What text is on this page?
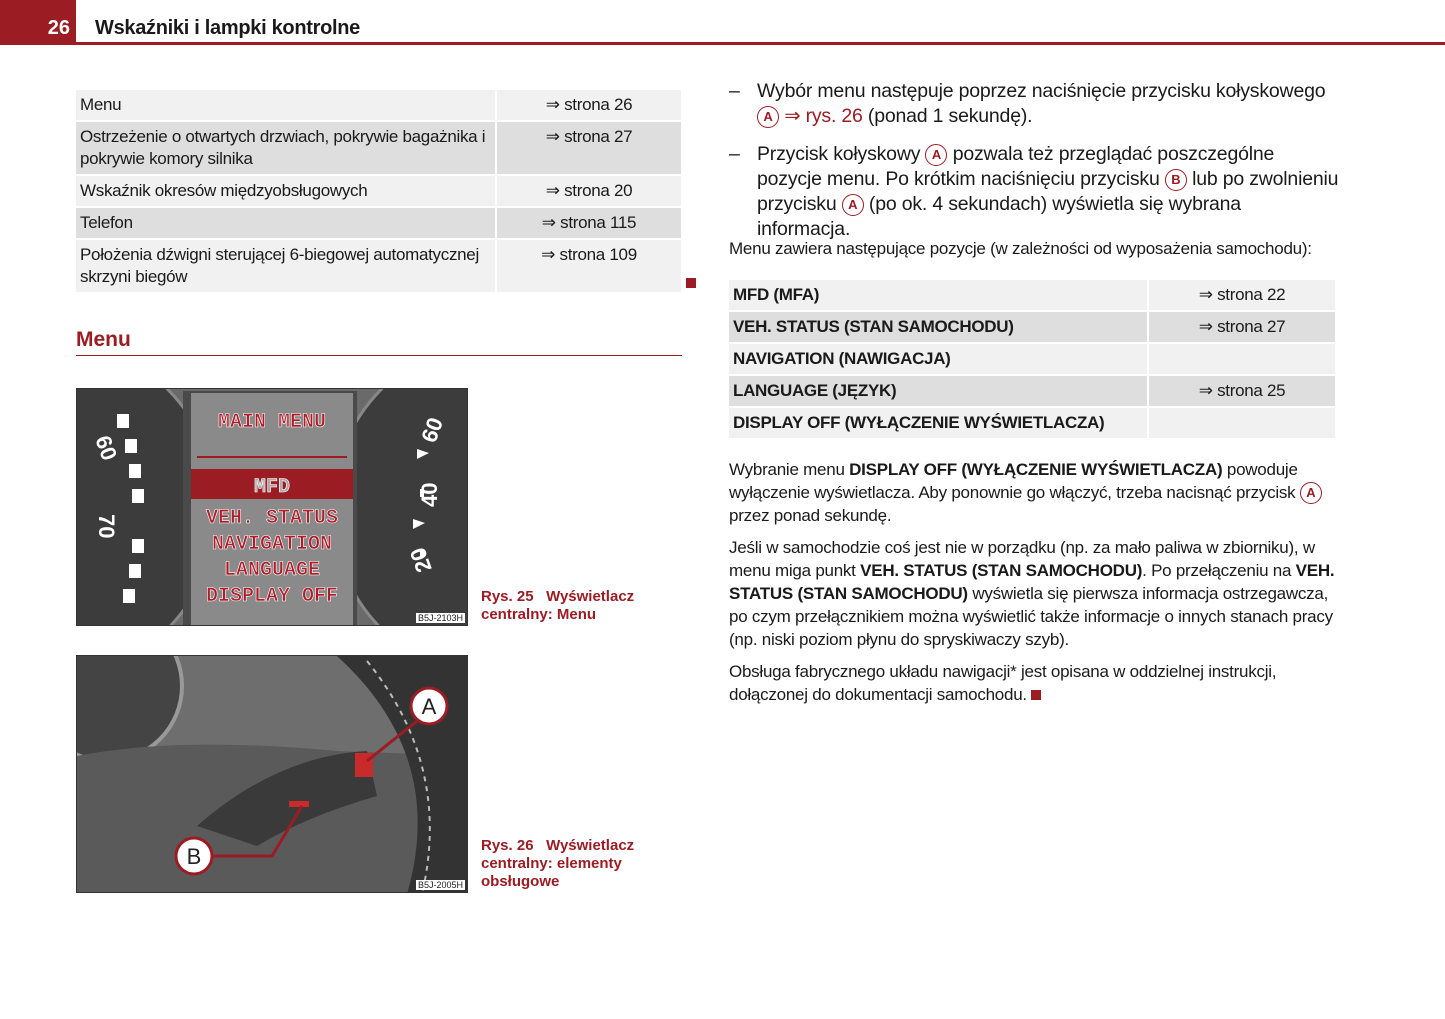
26 Wskaźniki i lampki kontrolne
Menu	⇒ strona 26
Ostrzeżenie o otwartych drzwiach, pokrywie bagażnika i pokrywie komory silnika	⇒ strona 27
Wskaźnik okresów międzyobsługowych	⇒ strona 20
Telefon	⇒ strona 115
Położenia dźwigni sterującej 6-biegowej automatycznej skrzyni biegów	⇒ strona 109
Menu
60
70
60
40
20
MAIN MENU
MFD
VEH. STATUS
NAVIGATION
LANGUAGE
DISPLAY OFF
B5J-2103H
Rys. 25 Wyświetlacz centralny: Menu
A
B
B5J-2005H
Rys. 26 Wyświetlacz centralny: elementy obsługowe
– Wybór menu następuje poprzez naciśnięcie przycisku kołyskowego A ⇒ rys. 26 (ponad 1 sekundę).
– Przycisk kołyskowy A pozwala też przeglądać poszczególne pozycje menu. Po krótkim naciśnięciu przycisku B lub po zwolnieniu przycisku A (po ok. 4 sekundach) wyświetla się wybrana informacja.
Menu zawiera następujące pozycje (w zależności od wyposażenia samochodu):
MFD (MFA)	⇒ strona 22
VEH. STATUS (STAN SAMOCHODU)	⇒ strona 27
NAVIGATION (NAWIGACJA)	
LANGUAGE (JĘZYK)	⇒ strona 25
DISPLAY OFF (WYŁĄCZENIE WYŚWIETLACZA)	
Wybranie menu DISPLAY OFF (WYŁĄCZENIE WYŚWIETLACZA) powoduje wyłączenie wyświetlacza. Aby ponownie go włączyć, trzeba nacisnąć przycisk A przez ponad sekundę.
Jeśli w samochodzie coś jest nie w porządku (np. za mało paliwa w zbiorniku), w menu miga punkt VEH. STATUS (STAN SAMOCHODU). Po przełączeniu na VEH. STATUS (STAN SAMOCHODU) wyświetla się pierwsza informacja ostrzegawcza, po czym przełącznikiem można wyświetlić także informacje o innych stanach pracy (np. niski poziom płynu do spryskiwaczy szyb).
Obsługa fabrycznego układu nawigacji* jest opisana w oddzielnej instrukcji, dołączonej do dokumentacji samochodu.
